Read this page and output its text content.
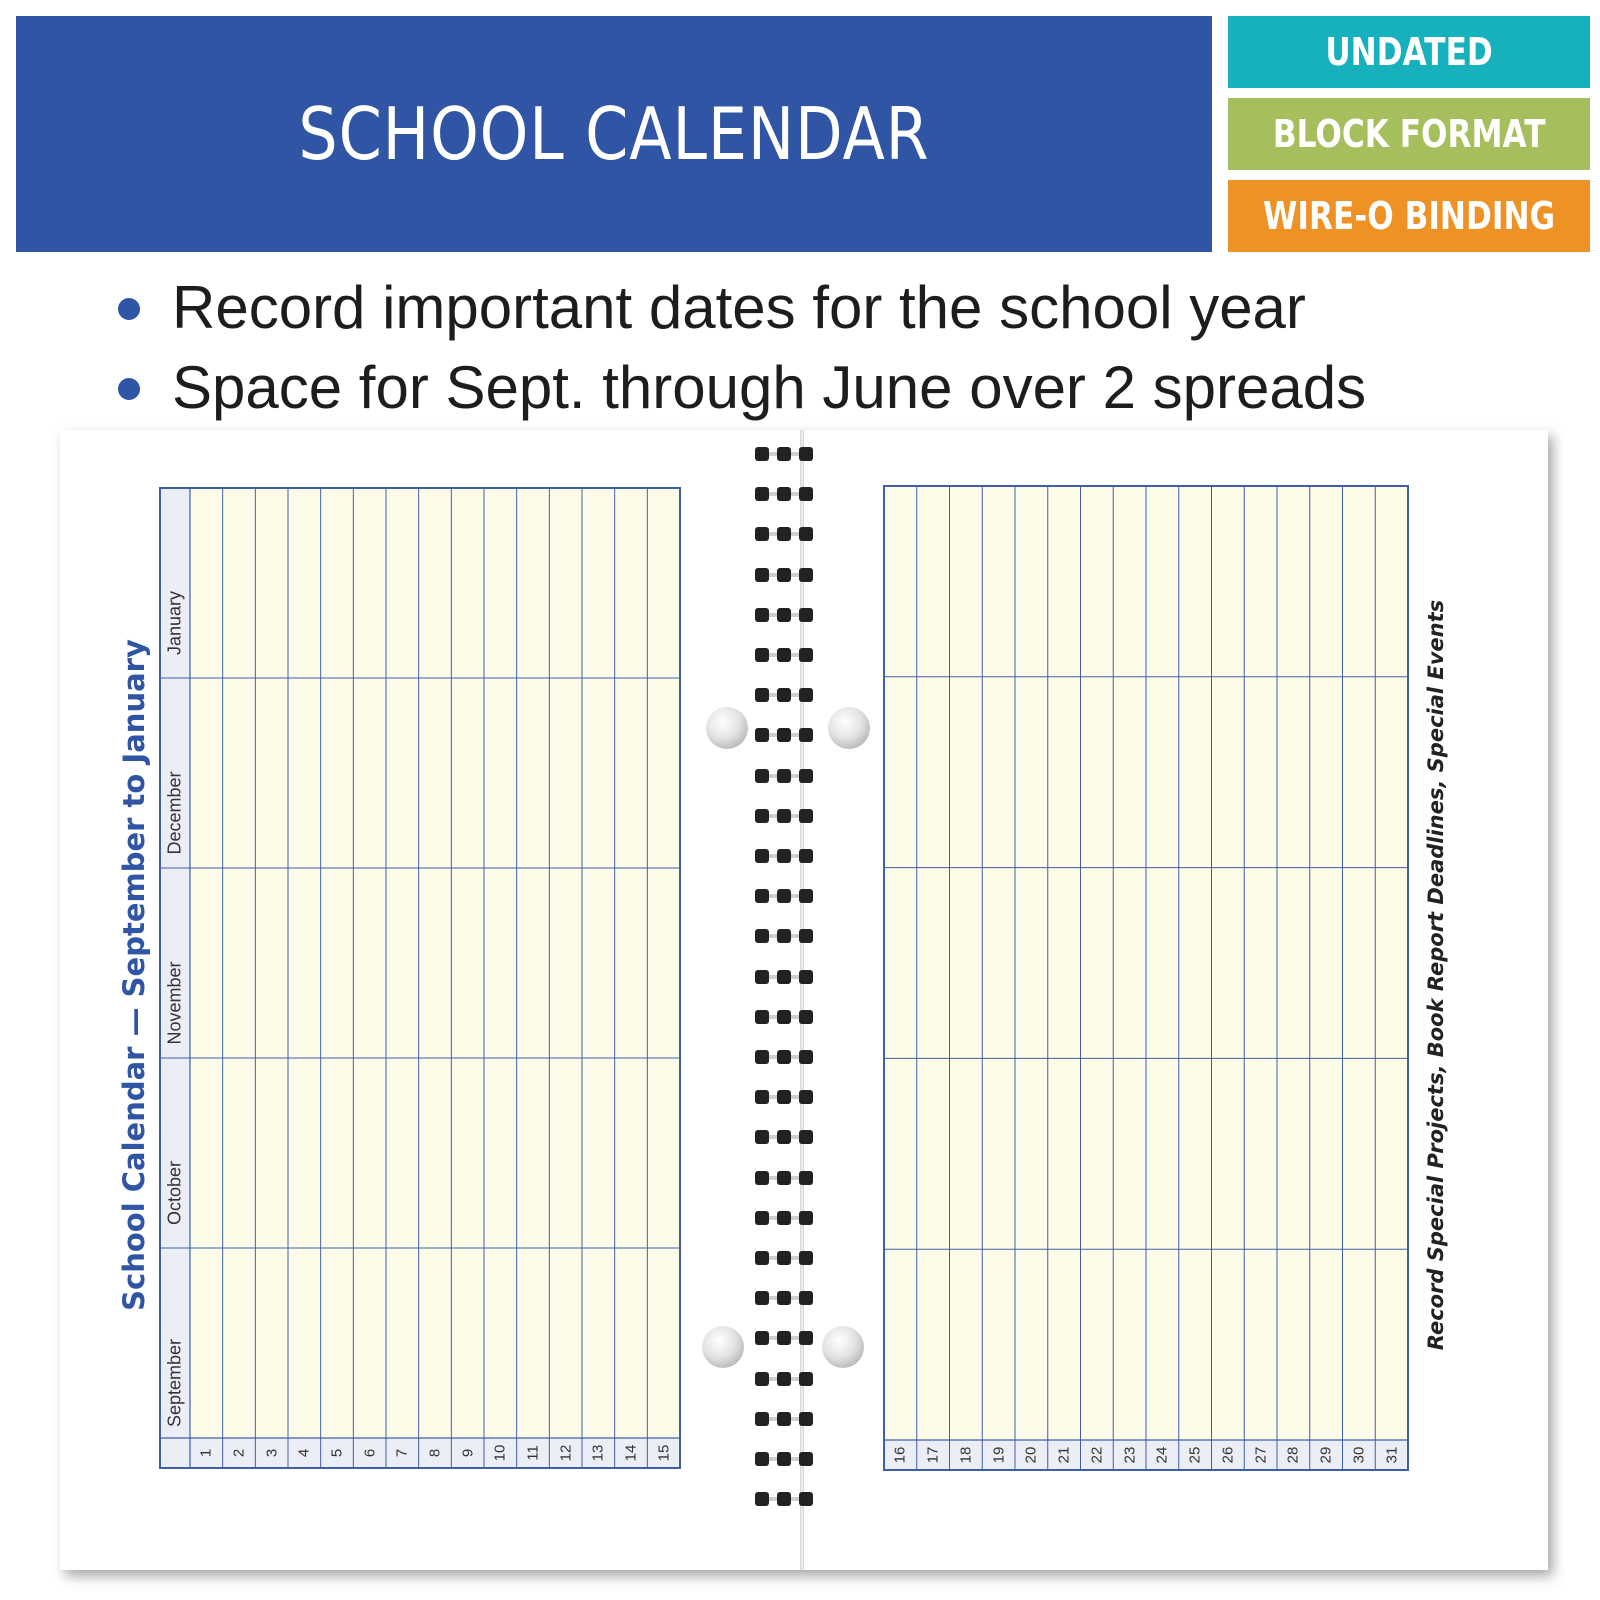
SCHOOL CALENDAR
UNDATED
BLOCK FORMAT
WIRE-O BINDING
Record important dates for the school year
Space for Sept. through June over 2 spreads
September
October
November
December
January
1 2 3 4 5 6 7 8 9 10 11 12 13 14 15	16 17 18 19 20 21 22 23 24 25 26 27 28 29 30 31
School Calendar — September to January	Record Special Projects, Book Report Deadlines, Special Events
